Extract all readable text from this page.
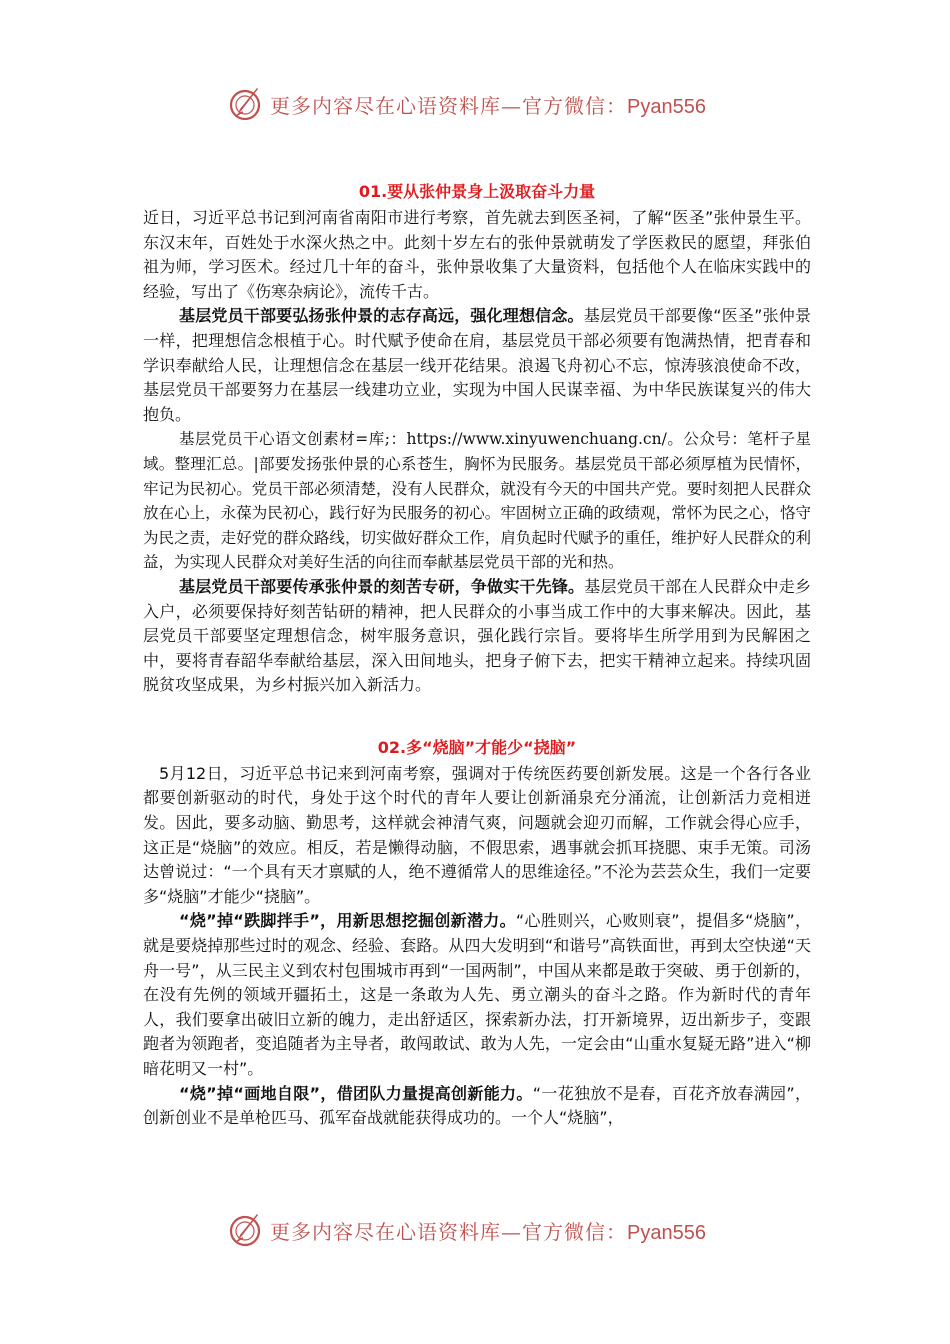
更多内容尽在心语资料库—官方微信：Pyan556
01.要从张仲景身上汲取奋斗力量

近日，习近平总书记到河南省南阳市进行考察，首先就去到医圣祠，了解“医圣”张仲景生平。东汉末年，百姓处于水深火热之中。此刻十岁左右的张仲景就萌发了学医救民的愿望，拜张伯祖为师，学习医术。经过几十年的奋斗，张仲景收集了大量资料，包括他个人在临床实践中的经验，写出了《伤寒杂病论》，流传千古。

基层党员干部要弘扬张仲景的志存高远，强化理想信念。基层党员干部要像“医圣”张仲景一样，把理想信念根植于心。时代赋予使命在肩，基层党员干部必须要有饱满热情，把青春和学识奉献给人民，让理想信念在基层一线开花结果。浪遏飞舟初心不忘，惊涛骇浪使命不改，基层党员干部要努力在基层一线建功立业，实现为中国人民谋幸福、为中华民族谋复兴的伟大抱负。

基层党员干心语文创素材=库;：https://www.xinyuwenchuang.cn/。公众号：笔杆子星域。整理汇总。|部要发扬张仲景的心系苍生，胸怀为民服务。基层党员干部必须厚植为民情怀，牢记为民初心。党员干部必须清楚，没有人民群众，就没有今天的中国共产党。要时刻把人民群众放在心上，永葆为民初心，践行好为民服务的初心。牢固树立正确的政绩观，常怀为民之心，恪守为民之责，走好党的群众路线，切实做好群众工作，肩负起时代赋予的重任，维护好人民群众的利益，为实现人民群众对美好生活的向往而奉献基层党员干部的光和热。

基层党员干部要传承张仲景的刻苦专研，争做实干先锋。基层党员干部在人民群众中走乡入户，必须要保持好刻苦钻研的精神，把人民群众的小事当成工作中的大事来解决。因此，基层党员干部要坚定理想信念，树牢服务意识，强化践行宗旨。要将毕生所学用到为民解困之中，要将青春韶华奉献给基层，深入田间地头，把身子俯下去，把实干精神立起来。持续巩固脱贫攻坚成果，为乡村振兴加入新活力。

02.多“烧脑”才能少“挠脑”

5月12日，习近平总书记来到河南考察，强调对于传统医药要创新发展。这是一个各行各业都要创新驱动的时代，身处于这个时代的青年人要让创新涌泉充分涌流，让创新活力竞相迸发。因此，要多动脑、勤思考，这样就会神清气爽，问题就会迎刃而解，工作就会得心应手，这正是“烧脑”的效应。相反，若是懒得动脑，不假思索，遇事就会抓耳挠腮、束手无策。司汤达曾说过：“一个具有天才禀赋的人，绝不遵循常人的思维途径。”不沦为芸芸众生，我们一定要多“烧脑”才能少“挠脑”。

“烧”掉“跌脚拌手”，用新思想挖掘创新潜力。“心胜则兴，心败则衰”，提倡多“烧脑”，就是要烧掉那些过时的观念、经验、套路。从四大发明到“和谐号”高铁面世，再到太空快递“天舟一号”，从三民主义到农村包围城市再到“一国两制”，中国从来都是敢于突破、勇于创新的，在没有先例的领域开疆拓土，这是一条敢为人先、勇立潮头的奋斗之路。作为新时代的青年人，我们要拿出破旧立新的魄力，走出舒适区，探索新办法，打开新境界，迈出新步子，变跟跑者为领跑者，变追随者为主导者，敢闯敢试、敢为人先，一定会由“山重水复疑无路”进入“柳暗花明又一村”。

“烧”掉“画地自限”，借团队力量提高创新能力。“一花独放不是春，百花齐放春满园”，创新创业不是单枪匹马、孤军奋战就能获得成功的。一个人“烧脑”，

更多内容尽在心语资料库—官方微信：Pyan556
